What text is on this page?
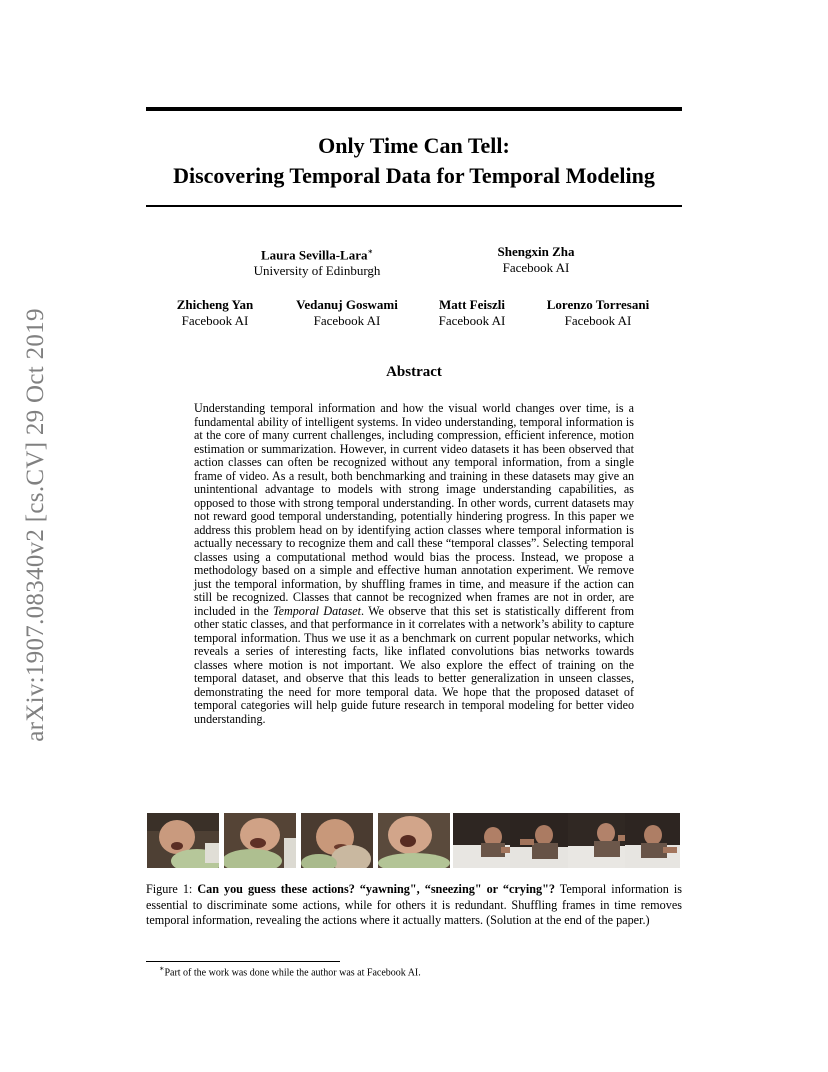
arXiv:1907.08340v2 [cs.CV] 29 Oct 2019
Only Time Can Tell:
Discovering Temporal Data for Temporal Modeling
Laura Sevilla-Lara∗
University of Edinburgh
Shengxin Zha
Facebook AI
Zhicheng Yan
Facebook AI
Vedanuj Goswami
Facebook AI
Matt Feiszli
Facebook AI
Lorenzo Torresani
Facebook AI
Abstract
Understanding temporal information and how the visual world changes over time, is a fundamental ability of intelligent systems. In video understanding, temporal information is at the core of many current challenges, including compression, efficient inference, motion estimation or summarization. However, in current video datasets it has been observed that action classes can often be recognized without any temporal information, from a single frame of video. As a result, both benchmarking and training in these datasets may give an unintentional advantage to models with strong image understanding capabilities, as opposed to those with strong temporal understanding. In other words, current datasets may not reward good temporal understanding, potentially hindering progress. In this paper we address this problem head on by identifying action classes where temporal information is actually necessary to recognize them and call these “temporal classes”. Selecting temporal classes using a computational method would bias the process. Instead, we propose a methodology based on a simple and effective human annotation experiment. We remove just the temporal information, by shuffling frames in time, and measure if the action can still be recognized. Classes that cannot be recognized when frames are not in order, are included in the Temporal Dataset. We observe that this set is statistically different from other static classes, and that performance in it correlates with a network’s ability to capture temporal information. Thus we use it as a benchmark on current popular networks, which reveals a series of interesting facts, like inflated convolutions bias networks towards classes where motion is not important. We also explore the effect of training on the temporal dataset, and observe that this leads to better generalization in unseen classes, demonstrating the need for more temporal data. We hope that the proposed dataset of temporal categories will help guide future research in temporal modeling for better video understanding.
Figure 1: Can you guess these actions? “yawning", “sneezing" or “crying"? Temporal information is essential to discriminate some actions, while for others it is redundant. Shuffling frames in time removes temporal information, revealing the actions where it actually matters. (Solution at the end of the paper.)
∗Part of the work was done while the author was at Facebook AI.
